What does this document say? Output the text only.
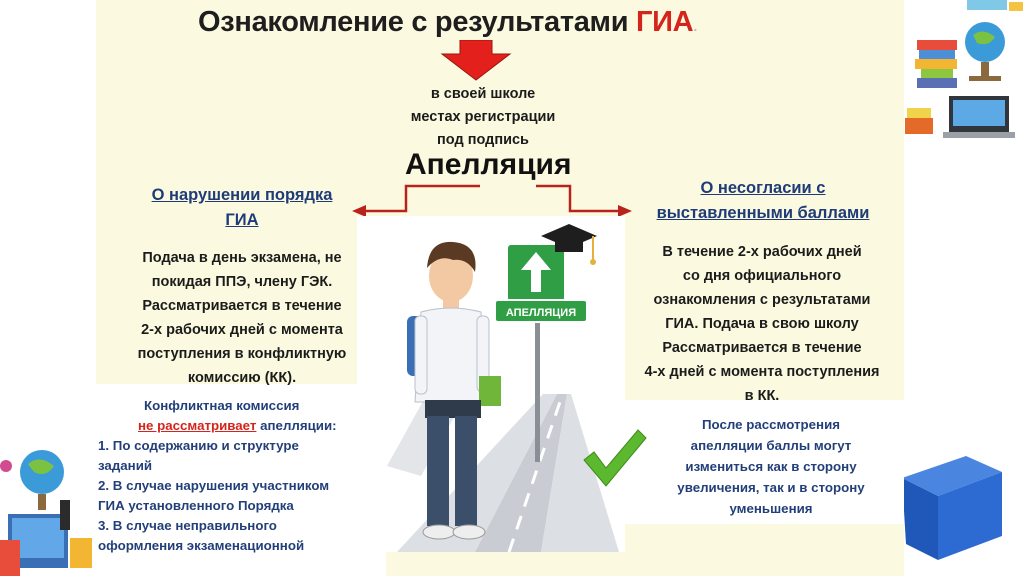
Ознакомление с результатами ГИА.
в своей школе
местах регистрации
под подпись
Апелляция
О нарушении порядка
ГИА
Подача в день экзамена, не
покидая ППЭ, члену ГЭК.
Рассматривается в течение
2-х рабочих дней с момента
поступления в конфликтную
комиссию (КК).
О несогласии с
выставленными баллами
В течение 2-х рабочих дней
со дня официального
ознакомления с результатами
ГИА. Подача в свою школу
Рассматривается в течение
4-х дней с момента поступления
в КК.
АПЕЛЛЯЦИЯ
Конфликтная комиссия
не рассматривает апелляции:
1. По содержанию и структуре
заданий
2. В случае нарушения участником
ГИА установленного Порядка
3. В случае неправильного
оформления экзаменационной
После рассмотрения
апелляции баллы могут
измениться как в сторону
увеличения, так и в сторону
уменьшения
